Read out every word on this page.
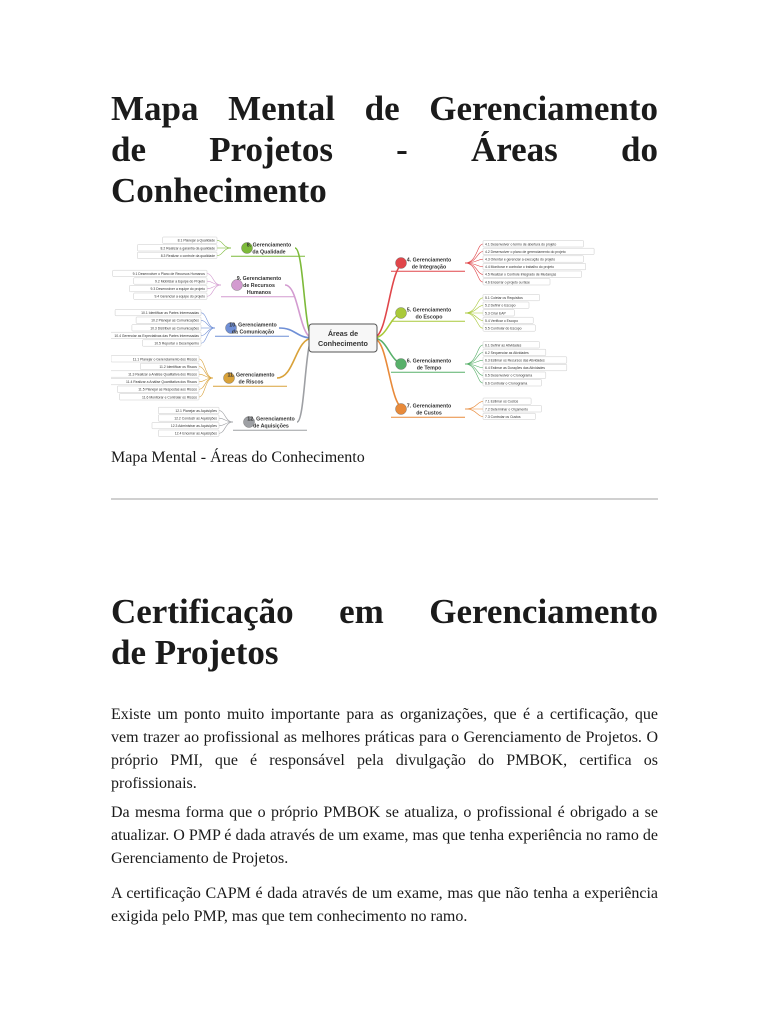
Mapa Mental de Gerenciamento
de Projetos - Áreas do
Conhecimento
8. Gerenciamento
da Qualidade
8.1 Planejar a Qualidade
8.2 Realizar a garantia da qualidade
8.3 Realizar o controle da qualidade
9. Gerenciamento
de Recursos
Humanos
9.1 Desenvolver o Plano de Recursos Humanos
9.2 Mobilizar a Equipe do Projeto
9.3 Desenvolver a equipe do projeto
9.4 Gerenciar a equipe do projeto
10. Gerenciamento
da Comunicação
10.1 Identificar as Partes Interessadas
10.2 Planejar as Comunicações
10.3 Distribuir as Comunicações
10.4 Gerenciar as Expectativas das Partes Interessadas
10.5 Reportar o Desempenho
11. Gerenciamento
de Riscos
11.1 Planejar o Gerenciamento dos Riscos
11.2 Identificar os Riscos
11.3 Realizar a Análise Qualitativa dos Riscos
11.4 Realizar a Análise Quantitativa dos Riscos
11.5 Planejar as Respostas aos Riscos
11.6 Monitorar e Controlar os Riscos
12. Gerenciamento
de Aquisições
12.1 Planejar as Aquisições
12.2 Conduzir as Aquisições
12.3 Administrar as Aquisições
12.4 Encerrar as Aquisições
4. Gerenciamento
de Integração
4.1 Desenvolver o termo de abertura do projeto
4.2 Desenvolver o plano de gerenciamento do projeto
4.3 Orientar e gerenciar a execução do projeto
4.4 Monitorar e controlar o trabalho do projeto
4.5 Realizar o Controle Integrado de Mudanças
4.6 Encerrar o projeto ou fase
5. Gerenciamento
do Escopo
5.1 Coletar os Requisitos
5.2 Definir o Escopo
5.3 Criar EAP
5.4 Verificar o Escopo
5.5 Controlar do Escopo
6. Gerenciamento
de Tempo
6.1 Definir as Atividades
6.2 Sequenciar as Atividades
6.3 Estimar os Recursos das Atividades
6.4 Estimar as Durações das Atividades
6.5 Desenvolver o Cronograma
6.6 Controlar o Cronograma
7. Gerenciamento
de Custos
7.1 Estimar os Custos
7.2 Determinar o Orçamento
7.3 Controlar os Custos
Áreas de
Conhecimento
Mapa Mental - Áreas do Conhecimento
Certificação em Gerenciamento
de Projetos

Existe um ponto muito importante para as organizações, que é a certificação, que vem trazer ao profissional as melhores práticas para o Gerenciamento de Projetos. O próprio PMI, que é responsável pela divulgação do PMBOK, certifica os profissionais.

Da mesma forma que o próprio PMBOK se atualiza, o profissional é obrigado a se atualizar. O PMP é dada através de um exame, mas que tenha experiência no ramo de Gerenciamento de Projetos.

A certificação CAPM é dada através de um exame, mas que não tenha a experiência exigida pelo PMP, mas que tem conhecimento no ramo.
